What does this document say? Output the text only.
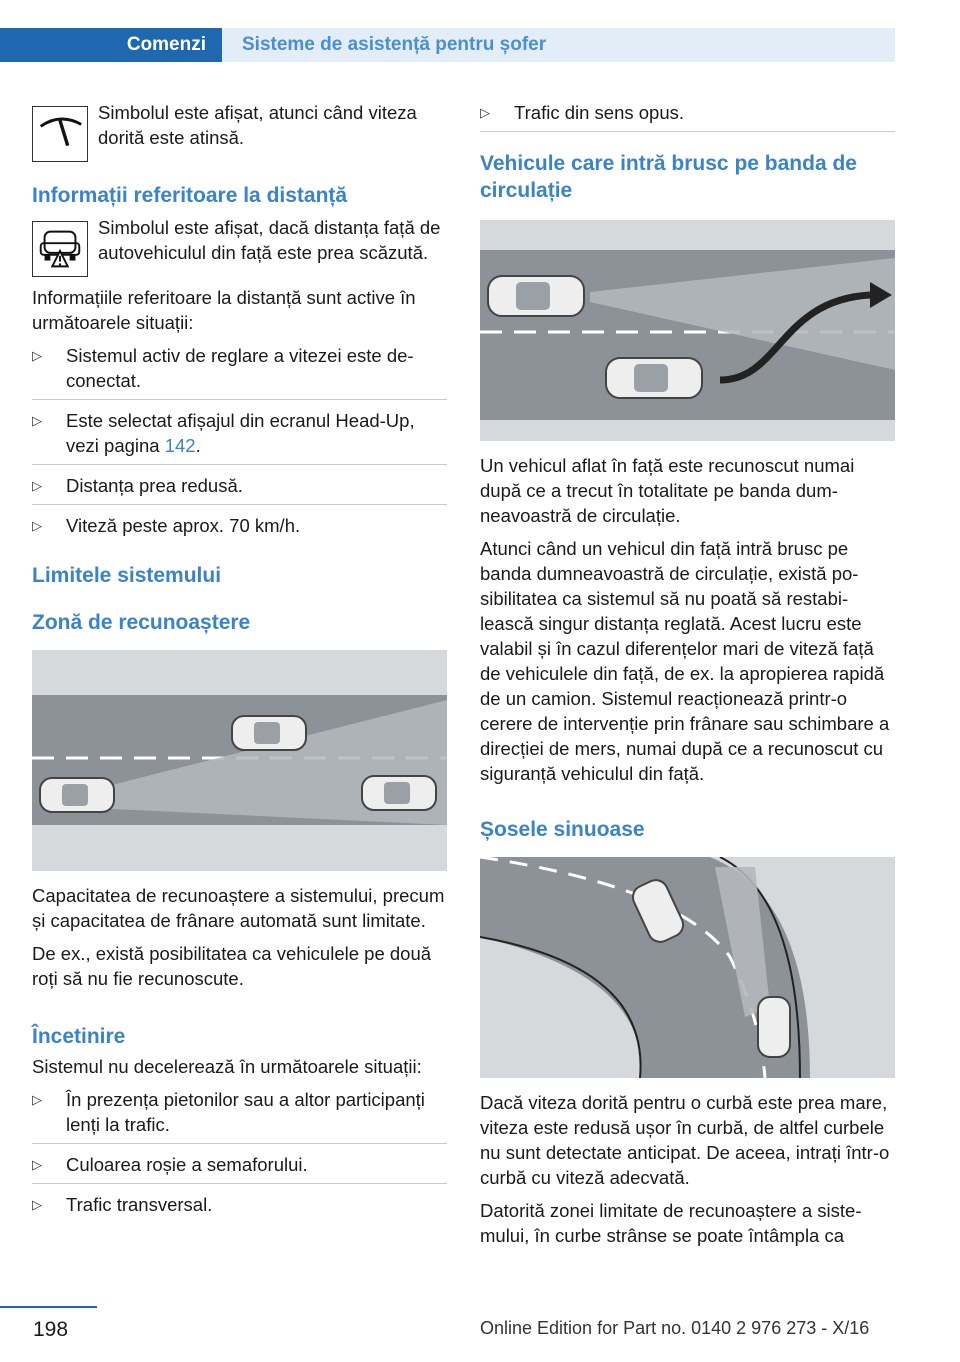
Comenzi	Sisteme de asistență pentru șofer

Simbolul este afișat, atunci când viteza dorită este atinsă.

Informații referitoare la distanță

Simbolul este afișat, dacă distanța față de autovehiculul din față este prea scăzută.

Informațiile referitoare la distanță sunt active în următoarele situații:

▷ Sistemul activ de reglare a vitezei este deconectat.
▷ Este selectat afișajul din ecranul Head-Up, vezi pagina 142.
▷ Distanța prea redusă.
▷ Viteză peste aprox. 70 km/h.
Limitele sistemului
Zonă de recunoaștere

Capacitatea de recunoaștere a sistemului, precum și capacitatea de frânare automată sunt limitate.

De ex., există posibilitatea ca vehiculele pe două roți să nu fie recunoscute.

Încetinire

Sistemul nu decelerează în următoarele situații:

▷ În prezența pietonilor sau a altor participanți lenți la trafic.
▷ Culoarea roșie a semaforului.
▷ Trafic transversal.
▷ Trafic din sens opus.
Vehicule care intră brusc pe banda de circulație

Un vehicul aflat în față este recunoscut numai după ce a trecut în totalitate pe banda dumneavoastră de circulație.

Atunci când un vehicul din față intră brusc pe banda dumneavoastră de circulație, există posibilitatea ca sistemul să nu poată să restabilească singur distanța reglată. Acest lucru este valabil și în cazul diferențelor mari de viteză față de vehiculele din față, de ex. la apropierea rapidă de un camion. Sistemul reacționează printr-o cerere de intervenție prin frânare sau schimbare a direcției de mers, numai după ce a recunoscut cu siguranță vehiculul din față.

Șosele sinuoase

Dacă viteza dorită pentru o curbă este prea mare, viteza este redusă ușor în curbă, de altfel curbele nu sunt detectate anticipat. De aceea, intrați într-o curbă cu viteză adecvată.

Datorită zonei limitate de recunoaștere a sistemului, în curbe strânse se poate întâmpla ca

198	Online Edition for Part no. 0140 2 976 273 - X/16
